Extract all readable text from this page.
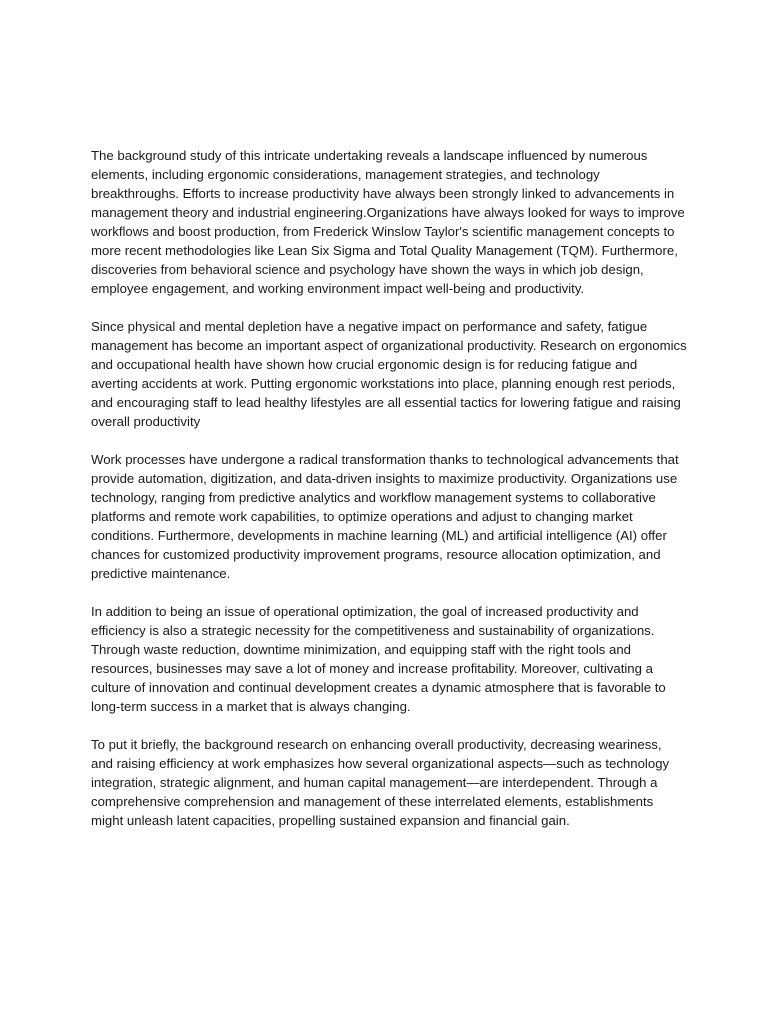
The background study of this intricate undertaking reveals a landscape influenced by numerous elements, including ergonomic considerations, management strategies, and technology breakthroughs. Efforts to increase productivity have always been strongly linked to advancements in management theory and industrial engineering.Organizations have always looked for ways to improve workflows and boost production, from Frederick Winslow Taylor's scientific management concepts to more recent methodologies like Lean Six Sigma and Total Quality Management (TQM). Furthermore, discoveries from behavioral science and psychology have shown the ways in which job design, employee engagement, and working environment impact well-being and productivity.

Since physical and mental depletion have a negative impact on performance and safety, fatigue management has become an important aspect of organizational productivity. Research on ergonomics and occupational health have shown how crucial ergonomic design is for reducing fatigue and averting accidents at work. Putting ergonomic workstations into place, planning enough rest periods, and encouraging staff to lead healthy lifestyles are all essential tactics for lowering fatigue and raising overall productivity

Work processes have undergone a radical transformation thanks to technological advancements that provide automation, digitization, and data-driven insights to maximize productivity. Organizations use technology, ranging from predictive analytics and workflow management systems to collaborative platforms and remote work capabilities, to optimize operations and adjust to changing market conditions. Furthermore, developments in machine learning (ML) and artificial intelligence (AI) offer chances for customized productivity improvement programs, resource allocation optimization, and predictive maintenance.

In addition to being an issue of operational optimization, the goal of increased productivity and efficiency is also a strategic necessity for the competitiveness and sustainability of organizations. Through waste reduction, downtime minimization, and equipping staff with the right tools and resources, businesses may save a lot of money and increase profitability. Moreover, cultivating a culture of innovation and continual development creates a dynamic atmosphere that is favorable to long-term success in a market that is always changing.

To put it briefly, the background research on enhancing overall productivity, decreasing weariness, and raising efficiency at work emphasizes how several organizational aspects—such as technology integration, strategic alignment, and human capital management—are interdependent. Through a comprehensive comprehension and management of these interrelated elements, establishments might unleash latent capacities, propelling sustained expansion and financial gain.
